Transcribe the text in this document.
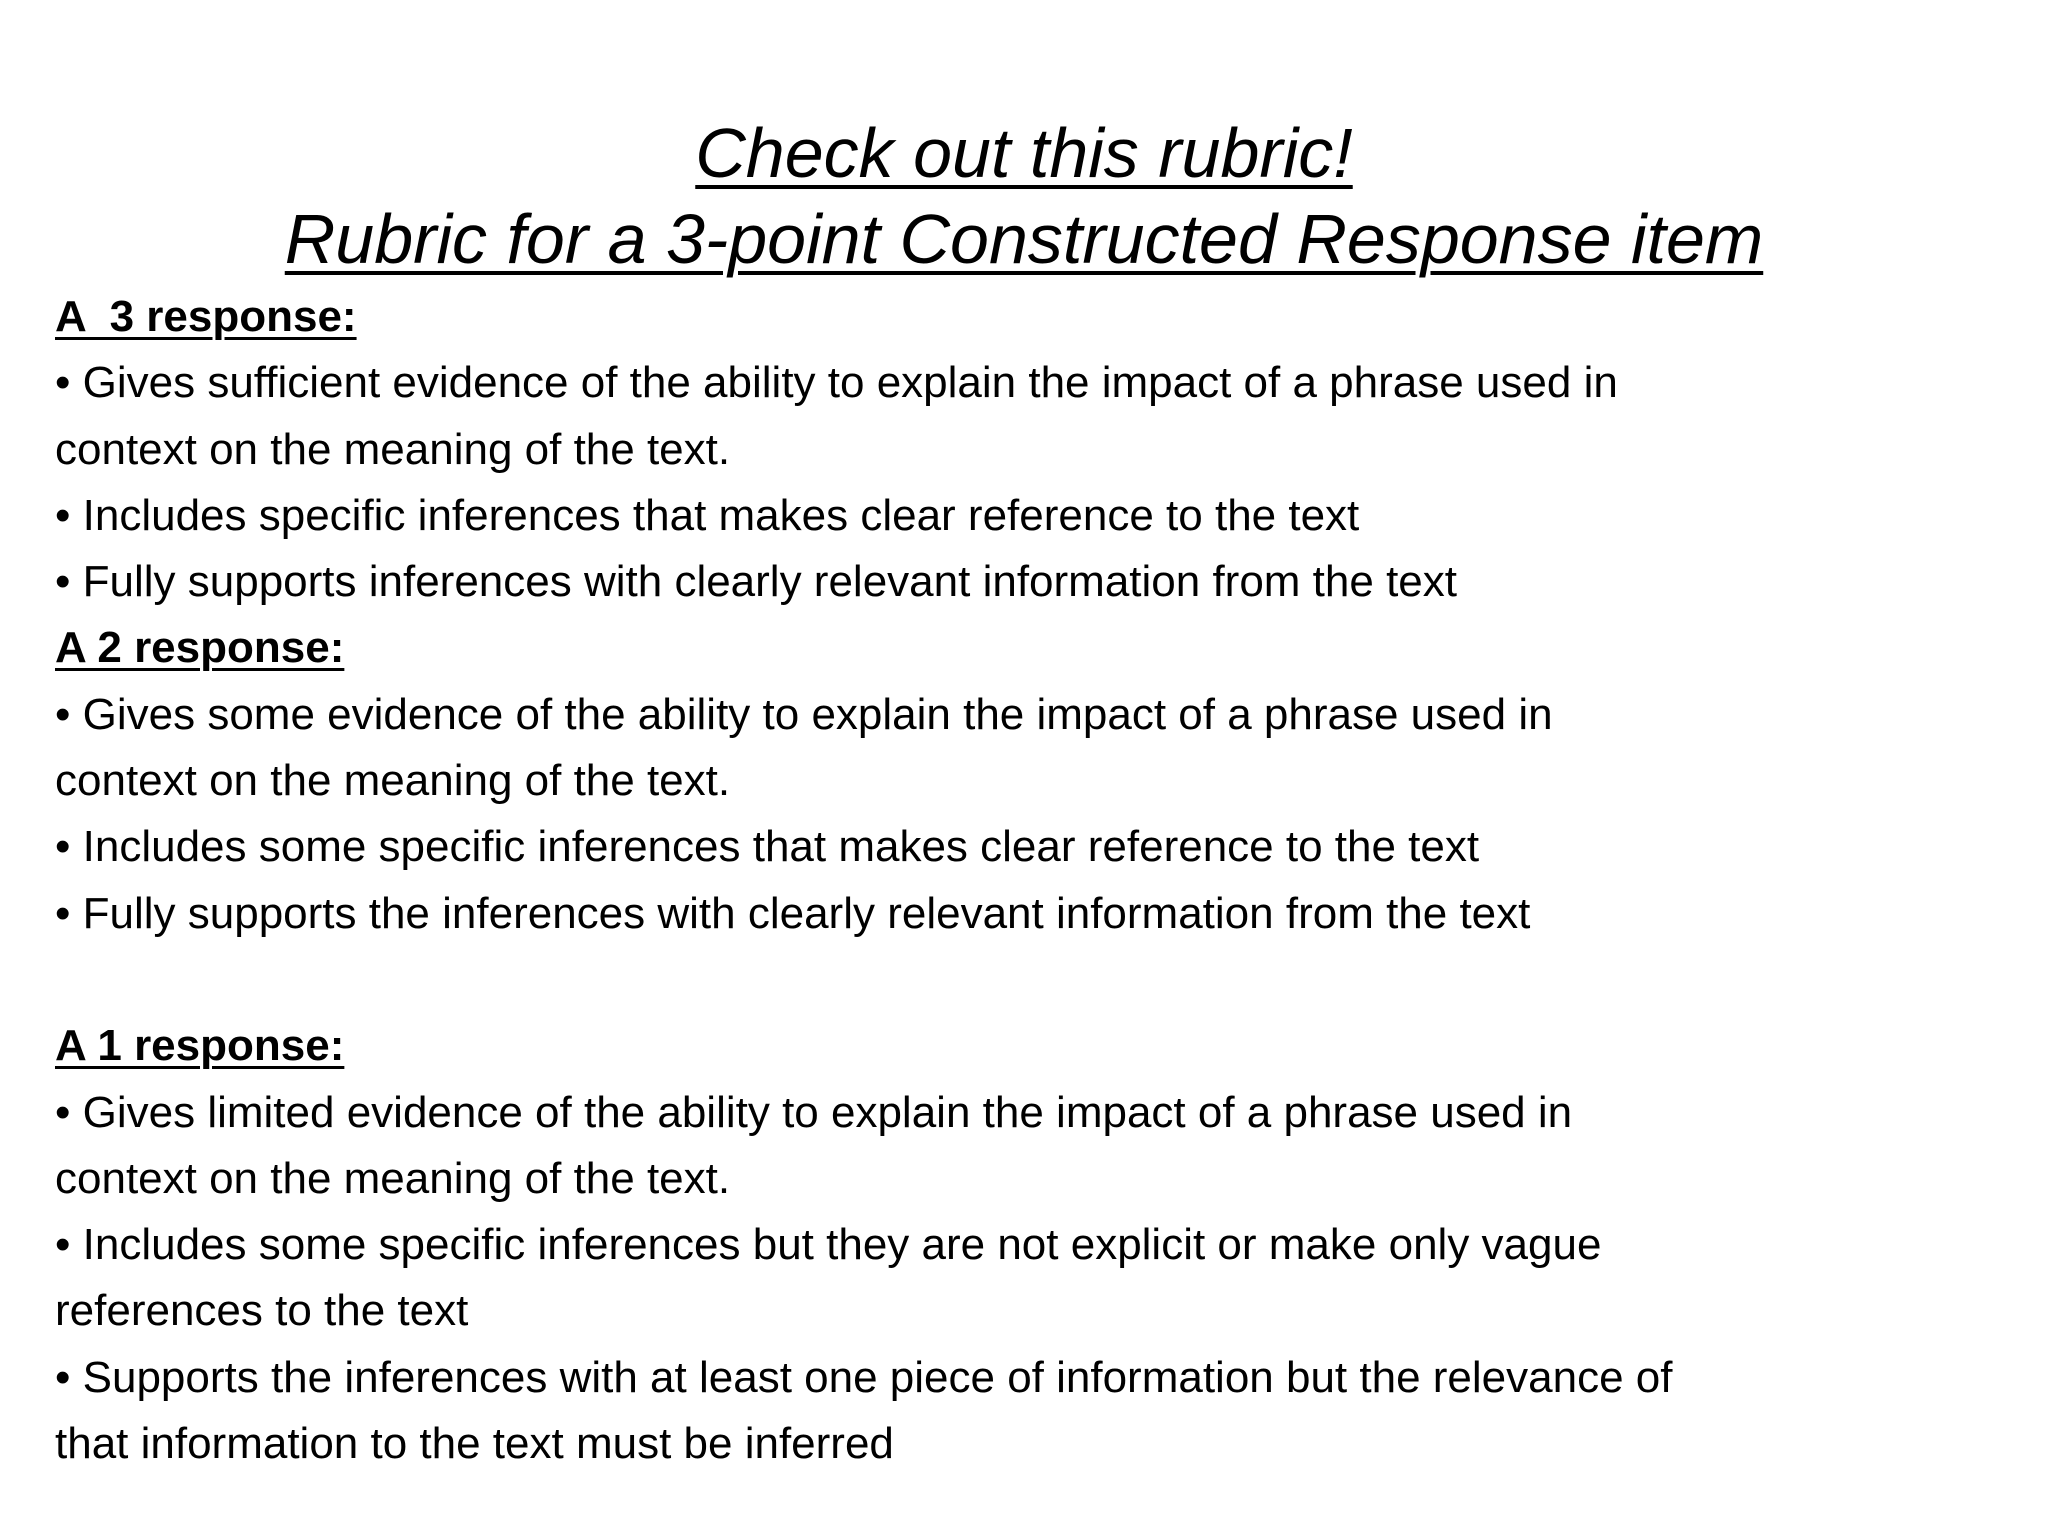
Check out this rubric!
Rubric for a 3-point Constructed Response item
A  3 response:
• Gives sufficient evidence of the ability to explain the impact of a phrase used in
context on the meaning of the text.
• Includes specific inferences that makes clear reference to the text
• Fully supports inferences with clearly relevant information from the text
A 2 response:
• Gives some evidence of the ability to explain the impact of a phrase used in
context on the meaning of the text.
• Includes some specific inferences that makes clear reference to the text
• Fully supports the inferences with clearly relevant information from the text
A 1 response:
• Gives limited evidence of the ability to explain the impact of a phrase used in
context on the meaning of the text.
• Includes some specific inferences but they are not explicit or make only vague
references to the text
• Supports the inferences with at least one piece of information but the relevance of
that information to the text must be inferred
